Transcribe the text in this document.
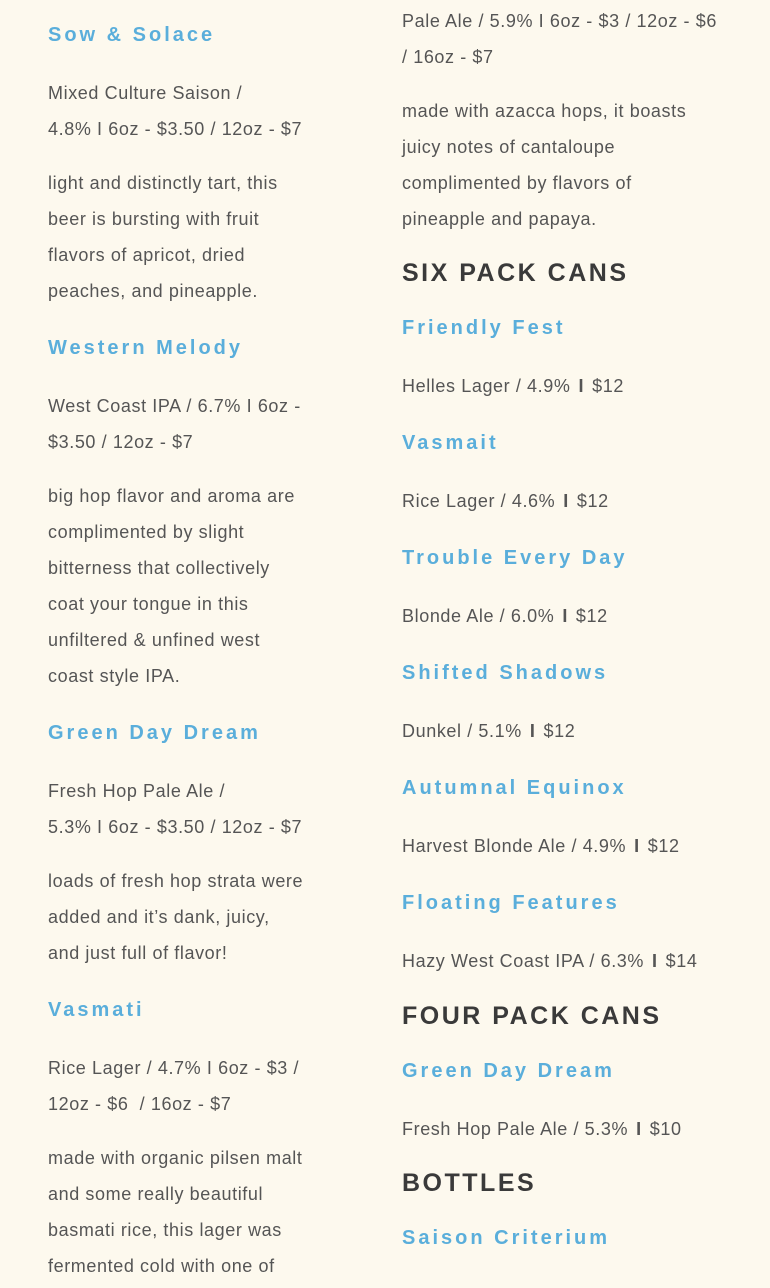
Sow & Solace

Mixed Culture Saison /

4.8% I 6oz - $3.50 / 12oz - $7

light and distinctly tart, this

beer is bursting with fruit

flavors of apricot, dried

peaches, and pineapple.

Western Melody

West Coast IPA / 6.7% I 6oz -

$3.50 / 12oz - $7

big hop flavor and aroma are

complimented by slight

bitterness that collectively

coat your tongue in this

unfiltered & unfined west

coast style IPA.

Green Day Dream

Fresh Hop Pale Ale /

5.3% I 6oz - $3.50 / 12oz - $7

loads of fresh hop strata were

added and it’s dank, juicy,

and just full of flavor!

Vasmati

Rice Lager / 4.7% I 6oz - $3 /

12oz - $6  / 16oz - $7

made with organic pilsen malt

and some really beautiful

basmati rice, this lager was

fermented cold with one of

Pale Ale / 5.9% I 6oz - $3 / 12oz - $6

/ 16oz - $7

made with azacca hops, it boasts

juicy notes of cantaloupe

complimented by flavors of

pineapple and papaya.

SIX PACK CANS
Friendly Fest

Helles Lager / 4.9% I $12

Vasmait

Rice Lager / 4.6% I $12

Trouble Every Day

Blonde Ale / 6.0% I $12

Shifted Shadows

Dunkel / 5.1% I $12

Autumnal Equinox

Harvest Blonde Ale / 4.9% I $12

Floating Features

Hazy West Coast IPA / 6.3% I $14

FOUR PACK CANS
Green Day Dream

Fresh Hop Pale Ale / 5.3% I $10

BOTTLES
Saison Criterium
